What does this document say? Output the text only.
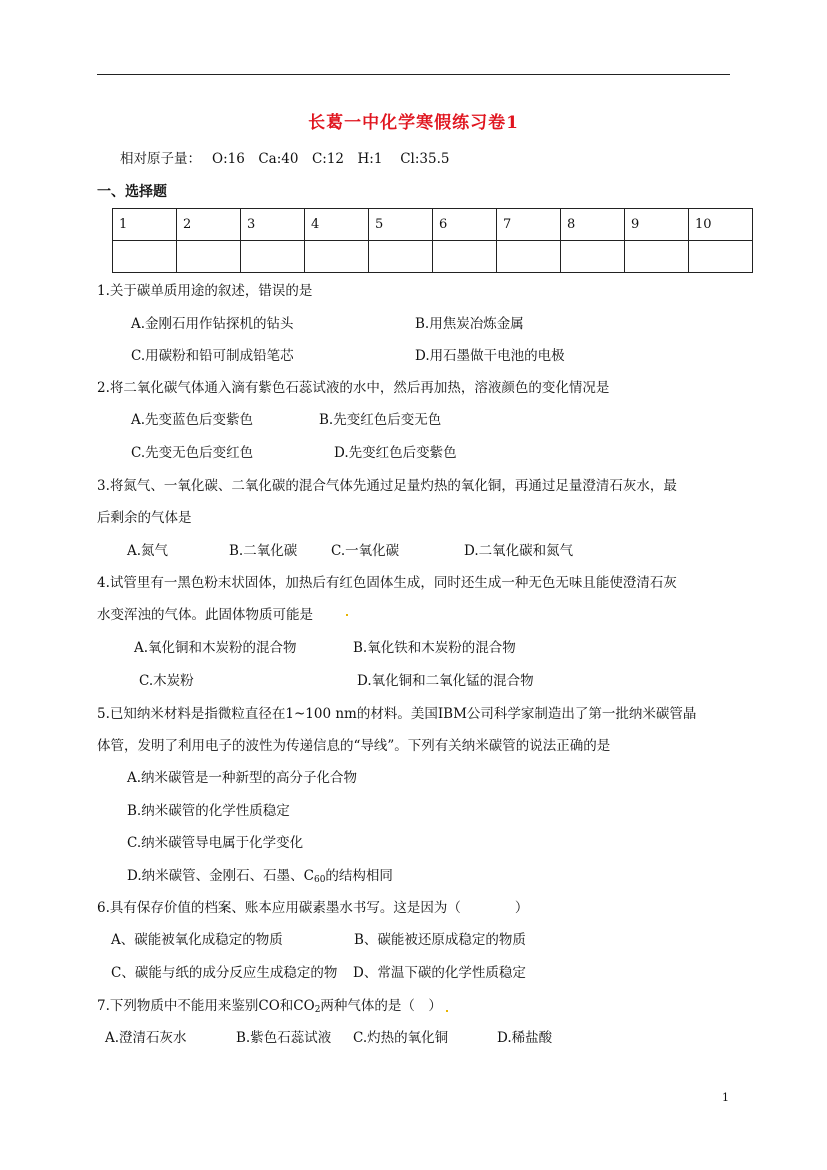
长葛一中化学寒假练习卷1
相对原子量：　 O:16　Ca:40　C:12　H:1　 Cl:35.5
一、选择题
1	2	3	4	5	6	7	8	9	10

1.关于碳单质用途的叙述，错误的是
A.金刚石用作钻探机的钻头	B.用焦炭冶炼金属
C.用碳粉和铅可制成铅笔芯	D.用石墨做干电池的电极
2.将二氧化碳气体通入滴有紫色石蕊试液的水中，然后再加热，溶液颜色的变化情况是
A.先变蓝色后变紫色	B.先变红色后变无色
C.先变无色后变红色	D.先变红色后变紫色
3.将氮气、一氧化碳、二氧化碳的混合气体先通过足量灼热的氧化铜，再通过足量澄清石灰水，最
后剩余的气体是
A.氮气	B.二氧化碳	C.一氧化碳	D.二氧化碳和氮气
4.试管里有一黑色粉末状固体，加热后有红色固体生成，同时还生成一种无色无味且能使澄清石灰
水变浑浊的气体。此固体物质可能是
A.氧化铜和木炭粉的混合物	B.氧化铁和木炭粉的混合物
C.木炭粉	D.氧化铜和二氧化锰的混合物
5.已知纳米材料是指微粒直径在1~100 nm的材料。美国IBM公司科学家制造出了第一批纳米碳管晶
体管，发明了利用电子的波性为传递信息的“导线”。下列有关纳米碳管的说法正确的是
A.纳米碳管是一种新型的高分子化合物
B.纳米碳管的化学性质稳定
C.纳米碳管导电属于化学变化
D.纳米碳管、金刚石、石墨、$C_{60}$的结构相同
6.具有保存价值的档案、账本应用碳素墨水书写。这是因为（　　　　）
A、碳能被氧化成稳定的物质	B、碳能被还原成稳定的物质
C、碳能与纸的成分反应生成稳定的物 D、常温下碳的化学性质稳定
7.下列物质中不能用来鉴别CO和$CO_2$两种气体的是（　）
A.澄清石灰水	B.紫色石蕊试液 C.灼热的氧化铜	D.稀盐酸
1
